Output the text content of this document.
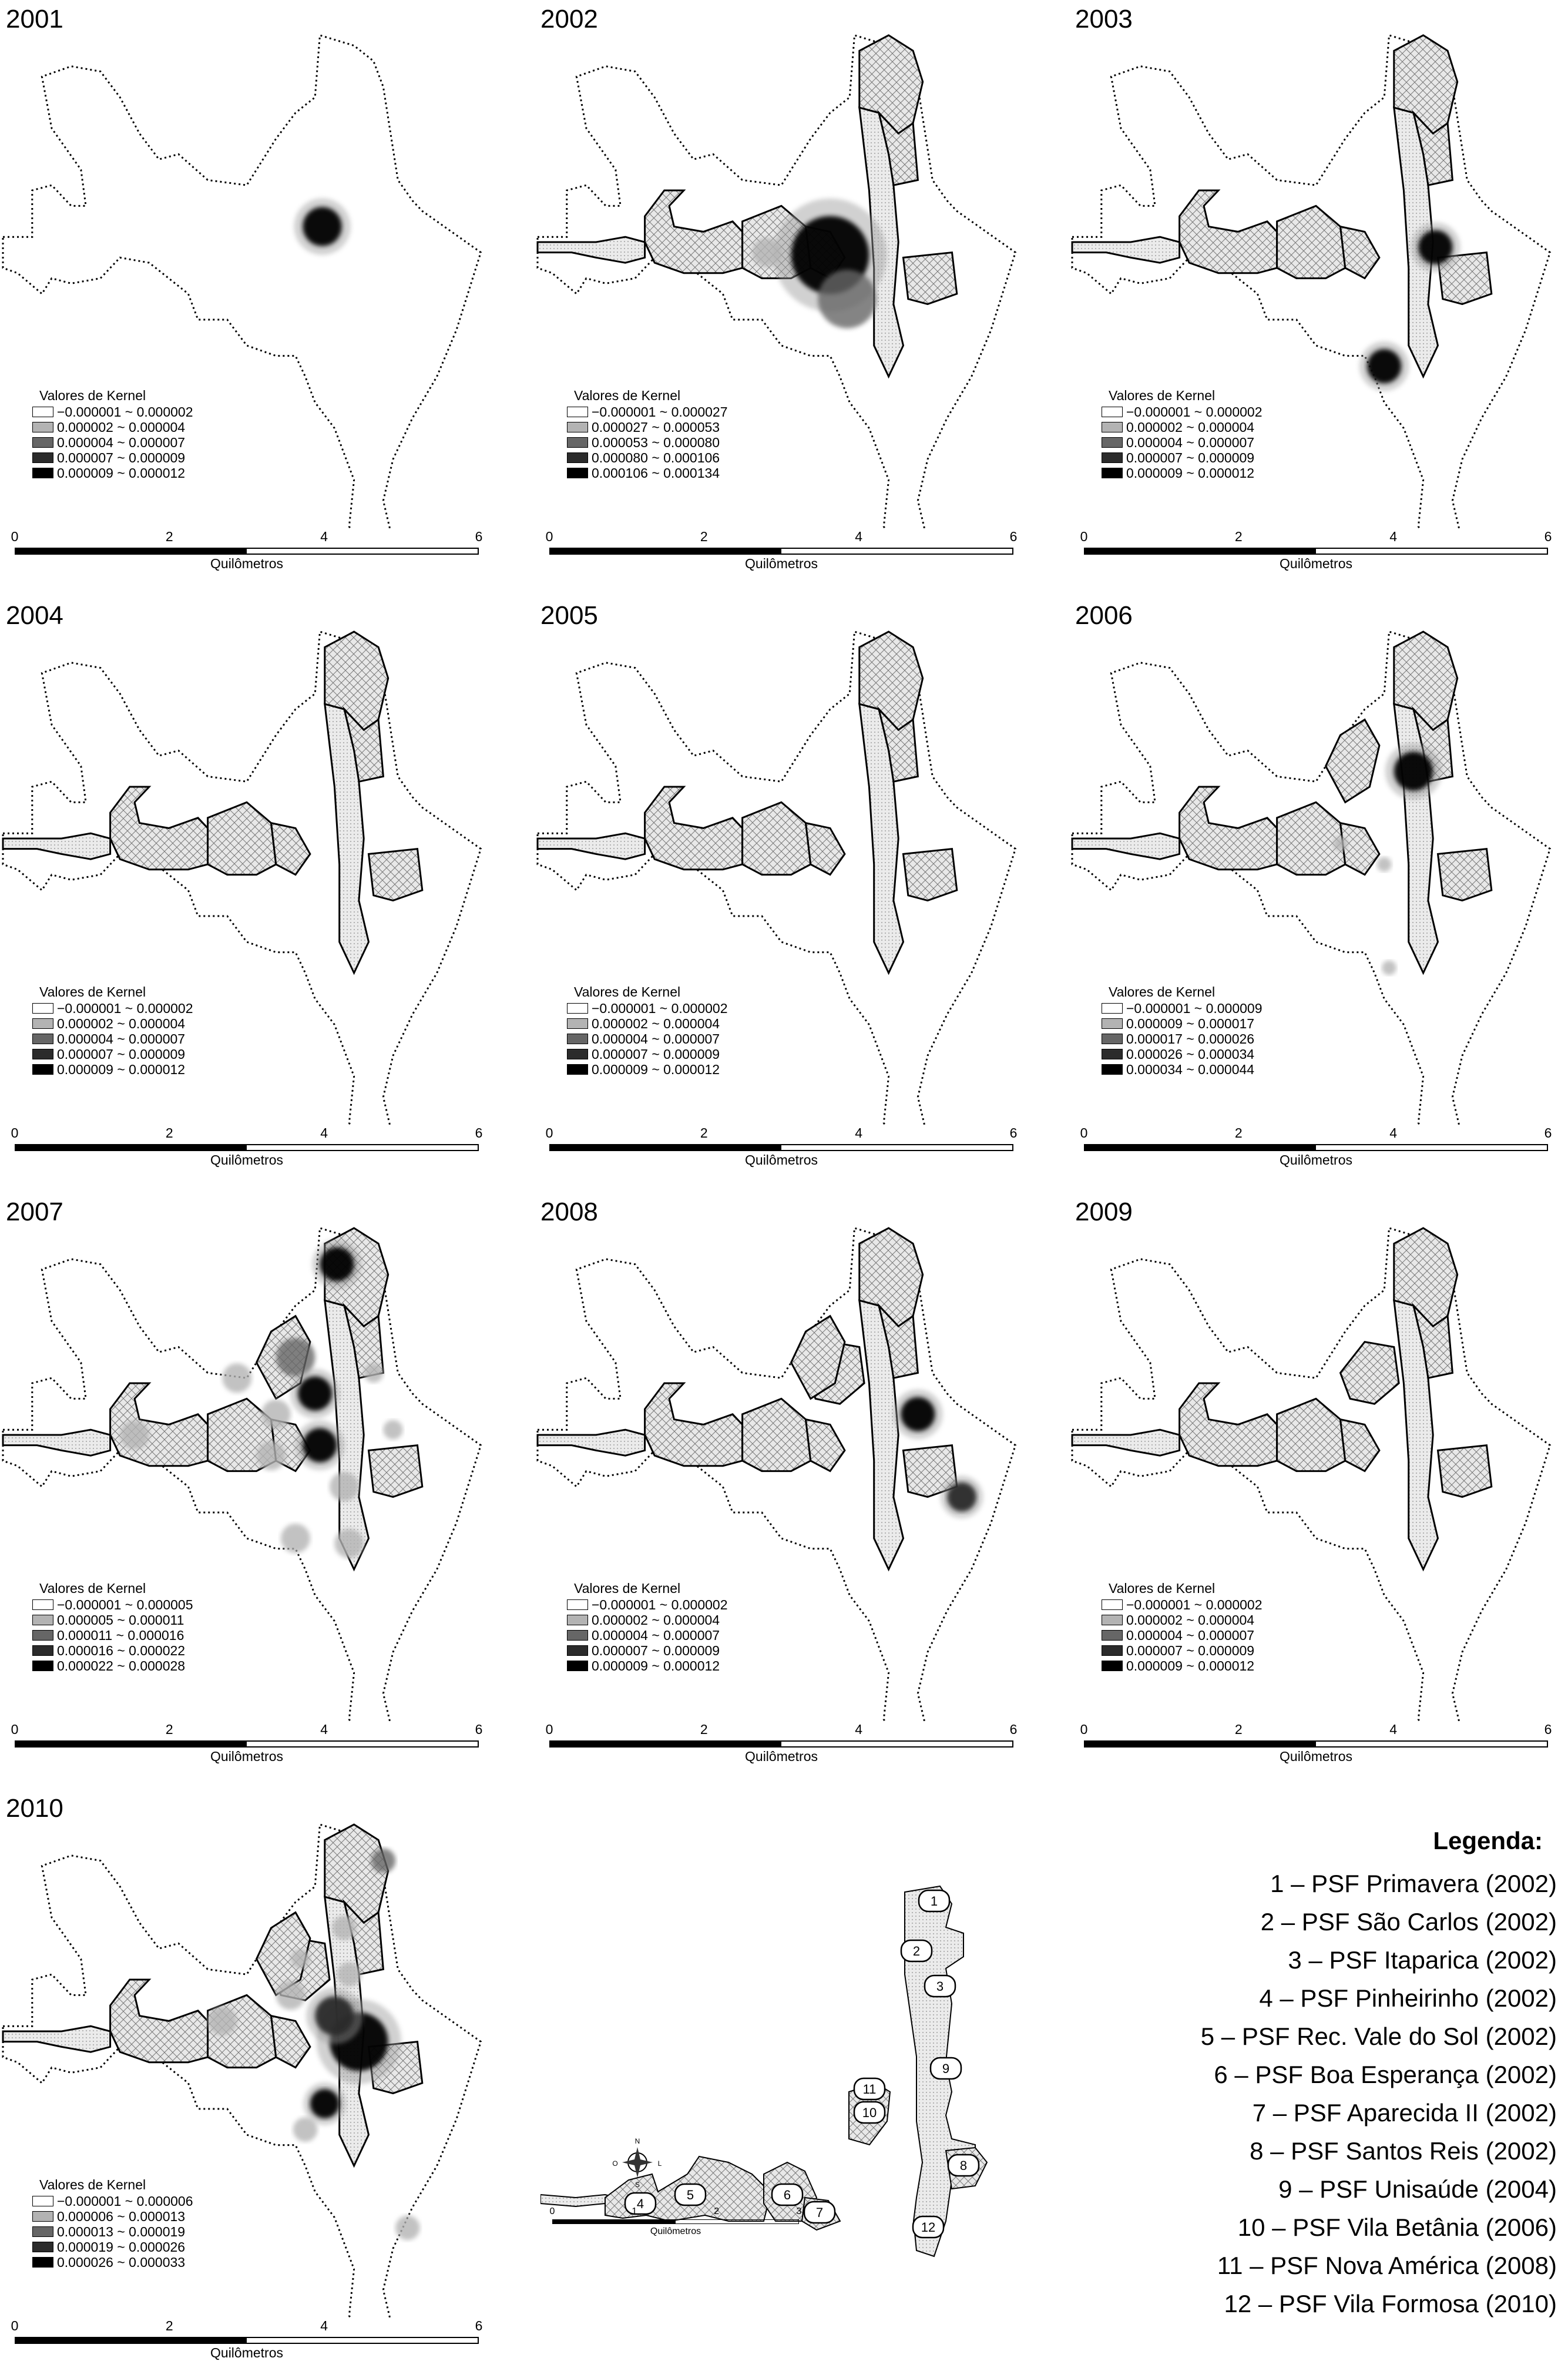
2001
Valores de Kernel
−0.000001 ~ 0.000002
0.000002 ~ 0.000004
0.000004 ~ 0.000007
0.000007 ~ 0.000009
0.000009 ~ 0.000012
0	2	4	6
Quilômetros
2002
Valores de Kernel
−0.000001 ~ 0.000027
0.000027 ~ 0.000053
0.000053 ~ 0.000080
0.000080 ~ 0.000106
0.000106 ~ 0.000134
0	2	4	6
Quilômetros
2003
Valores de Kernel
−0.000001 ~ 0.000002
0.000002 ~ 0.000004
0.000004 ~ 0.000007
0.000007 ~ 0.000009
0.000009 ~ 0.000012
0	2	4	6
Quilômetros
2004
Valores de Kernel
−0.000001 ~ 0.000002
0.000002 ~ 0.000004
0.000004 ~ 0.000007
0.000007 ~ 0.000009
0.000009 ~ 0.000012
0	2	4	6
Quilômetros
2005
Valores de Kernel
−0.000001 ~ 0.000002
0.000002 ~ 0.000004
0.000004 ~ 0.000007
0.000007 ~ 0.000009
0.000009 ~ 0.000012
0	2	4	6
Quilômetros
2006
Valores de Kernel
−0.000001 ~ 0.000009
0.000009 ~ 0.000017
0.000017 ~ 0.000026
0.000026 ~ 0.000034
0.000034 ~ 0.000044
0	2	4	6
Quilômetros
2007
Valores de Kernel
−0.000001 ~ 0.000005
0.000005 ~ 0.000011
0.000011 ~ 0.000016
0.000016 ~ 0.000022
0.000022 ~ 0.000028
0	2	4	6
Quilômetros
2008
Valores de Kernel
−0.000001 ~ 0.000002
0.000002 ~ 0.000004
0.000004 ~ 0.000007
0.000007 ~ 0.000009
0.000009 ~ 0.000012
0	2	4	6
Quilômetros
2009
Valores de Kernel
−0.000001 ~ 0.000002
0.000002 ~ 0.000004
0.000004 ~ 0.000007
0.000007 ~ 0.000009
0.000009 ~ 0.000012
0	2	4	6
Quilômetros
2010
Valores de Kernel
−0.000001 ~ 0.000006
0.000006 ~ 0.000013
0.000013 ~ 0.000019
0.000019 ~ 0.000026
0.000026 ~ 0.000033
0	2	4	6
Quilômetros
1
2
3
4
5	6
7
8
9
10
11
12
N
S
L
O
0	1	2	3
Quilômetros
Legenda:
1 – PSF Primavera (2002)
2 – PSF São Carlos (2002)
3 – PSF Itaparica (2002)
4 – PSF Pinheirinho (2002)
5 – PSF Rec. Vale do Sol (2002)
6 – PSF Boa Esperança (2002)
7 – PSF Aparecida II (2002)
8 – PSF Santos Reis (2002)
9 – PSF Unisaúde (2004)
10 – PSF Vila Betânia (2006)
11 – PSF Nova América (2008)
12 – PSF Vila Formosa (2010)
